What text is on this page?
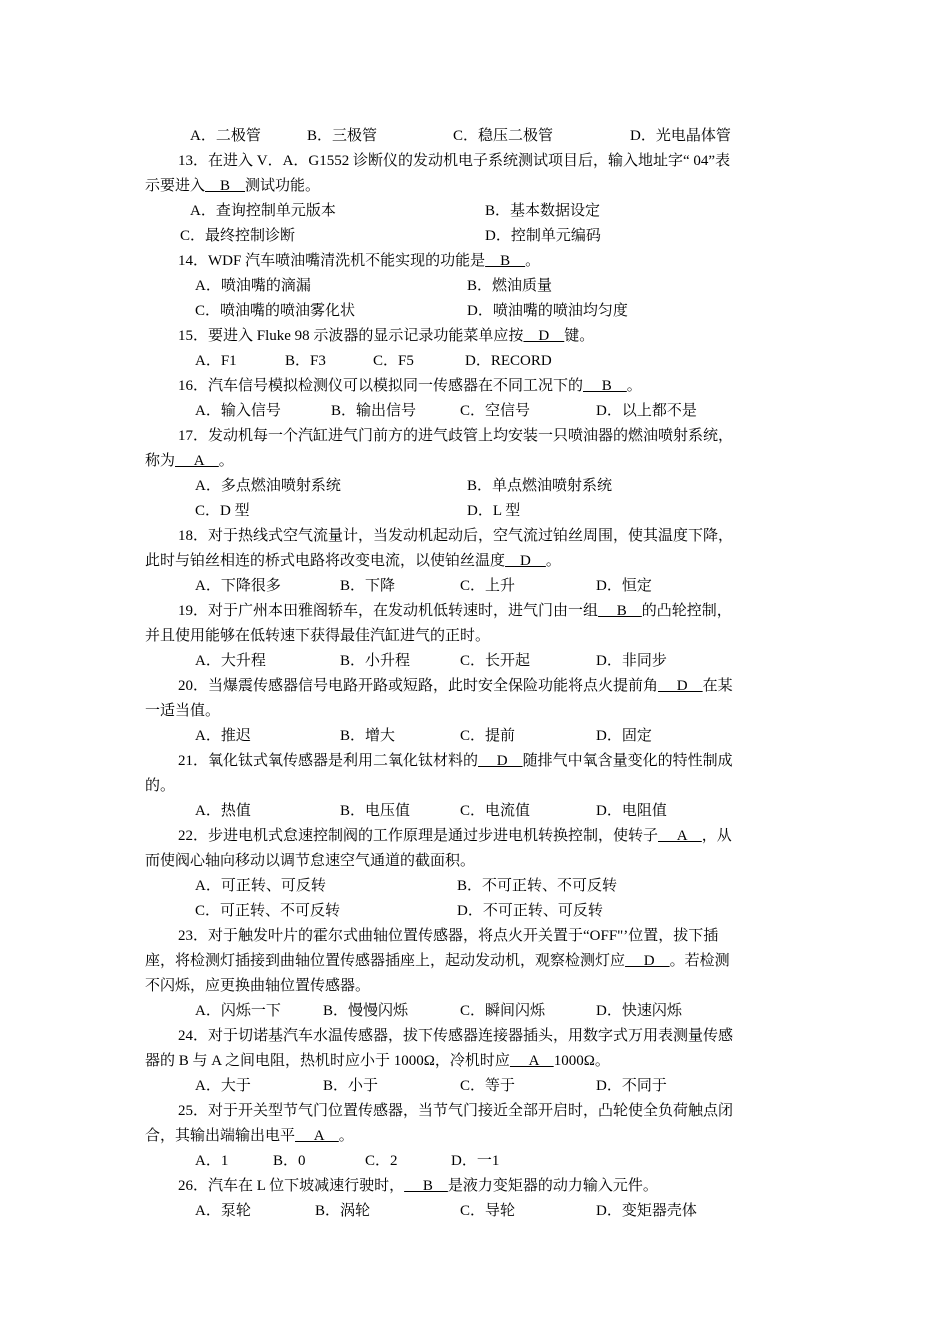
A．二极管	B．三极管	C．稳压二极管	D．光电晶体管
13．在进入 V．A．G1552 诊断仪的发动机电子系统测试项目后，输入地址字“ 04”表
示要进入    B    测试功能。
A．查询控制单元版本	B．基本数据设定
C．最终控制诊断	D．控制单元编码
14．WDF 汽车喷油嘴清洗机不能实现的功能是    B    。
A．喷油嘴的滴漏	B．燃油质量
C．喷油嘴的喷油雾化状	D．喷油嘴的喷油均匀度
15．要进入 Fluke 98 示波器的显示记录功能菜单应按    D    键。
A．F1	B．F3	C．F5	D．RECORD
16．汽车信号模拟检测仪可以模拟同一传感器在不同工况下的     B    。
A．输入信号	B．输出信号	C．空信号	D．以上都不是
17．发动机每一个汽缸进气门前方的进气歧管上均安装一只喷油器的燃油喷射系统，
称为     A    。
A．多点燃油喷射系统	B．单点燃油喷射系统
C．D 型	D．L 型
18．对于热线式空气流量计，当发动机起动后，空气流过铂丝周围，使其温度下降，
此时与铂丝相连的桥式电路将改变电流，以使铂丝温度    D    。
A．下降很多	B．下降	C．上升	D．恒定
19．对于广州本田雅阁轿车，在发动机低转速时，进气门由一组     B    的凸轮控制，
并且使用能够在低转速下获得最佳汽缸进气的正时。
A．大升程	B．小升程	C．长开起	D．非同步
20．当爆震传感器信号电路开路或短路，此时安全保险功能将点火提前角     D    在某
一适当值。
A．推迟	B．增大	C．提前	D．固定
21．氧化钛式氧传感器是利用二氧化钛材料的     D    随排气中氧含量变化的特性制成
的。
A．热值	B．电压值	C．电流值	D．电阻值
22．步进电机式怠速控制阀的工作原理是通过步进电机转换控制，使转子     A    ，从
而使阀心轴向移动以调节怠速空气通道的截面积。
A．可正转、可反转	B．不可正转、不可反转
C．可正转、不可反转	D．不可正转、可反转
23．对于触发叶片的霍尔式曲轴位置传感器，将点火开关置于“OFF"’位置，拔下插
座，将检测灯插接到曲轴位置传感器插座上，起动发动机，观察检测灯应     D    。若检测
不闪烁，应更换曲轴位置传感器。
A．闪烁一下	B．慢慢闪烁	C．瞬间闪烁	D．快速闪烁
24．对于切诺基汽车水温传感器，拔下传感器连接器插头，用数字式万用表测量传感
器的 B 与 A 之间电阻，热机时应小于 1000Ω，冷机时应     A    1000Ω。
A．大于	B．小于	C．等于	D．不同于
25．对于开关型节气门位置传感器，当节气门接近全部开启时，凸轮使全负荷触点闭
合，其输出端输出电平     A    。
A．1	B．0	C．2	D．一1
26．汽车在 L 位下坡减速行驶时，     B    是液力变矩器的动力输入元件。
A．泵轮	B．涡轮	C．导轮	D．变矩器壳体
